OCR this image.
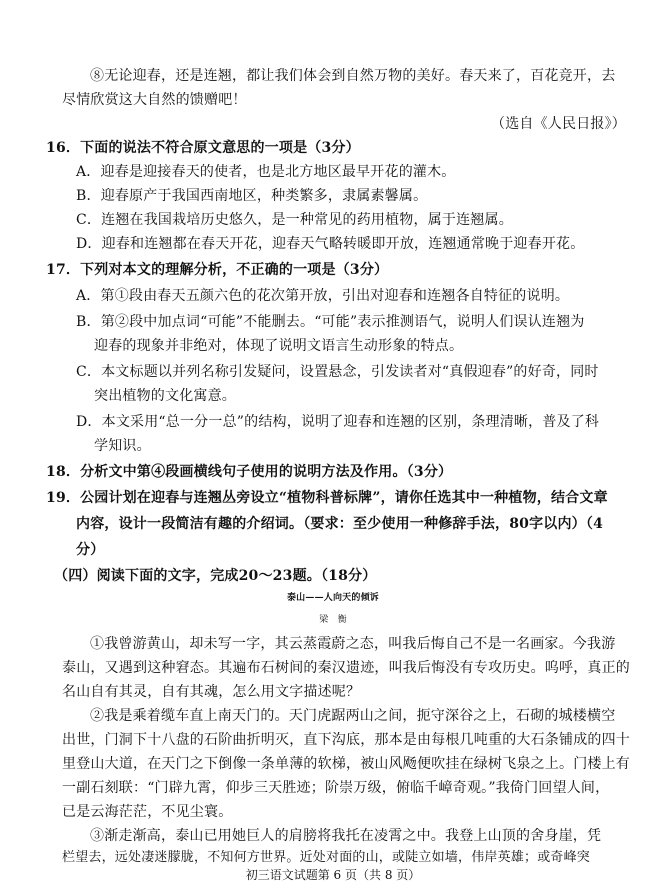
⑧无论迎春，还是连翘，都让我们体会到自然万物的美好。春天来了，百花竞开，去
尽情欣赏这大自然的馈赠吧！
（选自《人民日报》）
16．下面的说法不符合原文意思的一项是（3分）
A．迎春是迎接春天的使者，也是北方地区最早开花的灌木。
B．迎春原产于我国西南地区，种类繁多，隶属素馨属。
C．连翘在我国栽培历史悠久，是一种常见的药用植物，属于连翘属。
D．迎春和连翘都在春天开花，迎春天气略转暖即开放，连翘通常晚于迎春开花。
17．下列对本文的理解分析，不正确的一项是（3分）
A．第①段由春天五颜六色的花次第开放，引出对迎春和连翘各自特征的说明。
B．第②段中加点词“可能”不能删去。“可能”表示推测语气，说明人们误认连翘为
迎春的现象并非绝对，体现了说明文语言生动形象的特点。
C．本文标题以并列名称引发疑问，设置悬念，引发读者对“真假迎春”的好奇，同时
突出植物的文化寓意。
D．本文采用“总一分一总”的结构，说明了迎春和连翘的区别，条理清晰，普及了科
学知识。
18．分析文中第④段画横线句子使用的说明方法及作用。（3分）
19．公园计划在迎春与连翘丛旁设立“植物科普标牌”，请你任选其中一种植物，结合文章
内容，设计一段简洁有趣的介绍词。（要求：至少使用一种修辞手法，80字以内）（4
分）
（四）阅读下面的文字，完成20～23题。（18分）
泰山——人向天的倾诉
梁　衡
①我曾游黄山，却未写一字，其云蒸霞蔚之态，叫我后悔自己不是一名画家。今我游
泰山，又遇到这种窘态。其遍布石树间的秦汉遗迹，叫我后悔没有专攻历史。呜呼，真正的
名山自有其灵，自有其魂，怎么用文字描述呢？
②我是乘着缆车直上南天门的。天门虎踞两山之间，扼守深谷之上，石砌的城楼横空
出世，门洞下十八盘的石阶曲折明灭，直下沟底，那本是由每根几吨重的大石条铺成的四十
里登山大道，在天门之下倒像一条单薄的软梯，被山风飏便吹挂在绿树飞泉之上。门楼上有
一副石刻联：“门辟九霄，仰步三天胜迹；阶崇万级，俯临千嶂奇观。”我倚门回望人间，
已是云海茫茫，不见尘寰。
③渐走渐高，泰山已用她巨人的肩膀将我托在凌霄之中。我登上山顶的舍身崖，凭
栏望去，远处凄迷朦胧，不知何方世界。近处对面的山，或陡立如墙，伟岸英雄；或奇峰突
初三语文试题第 6 页（共 8 页）
